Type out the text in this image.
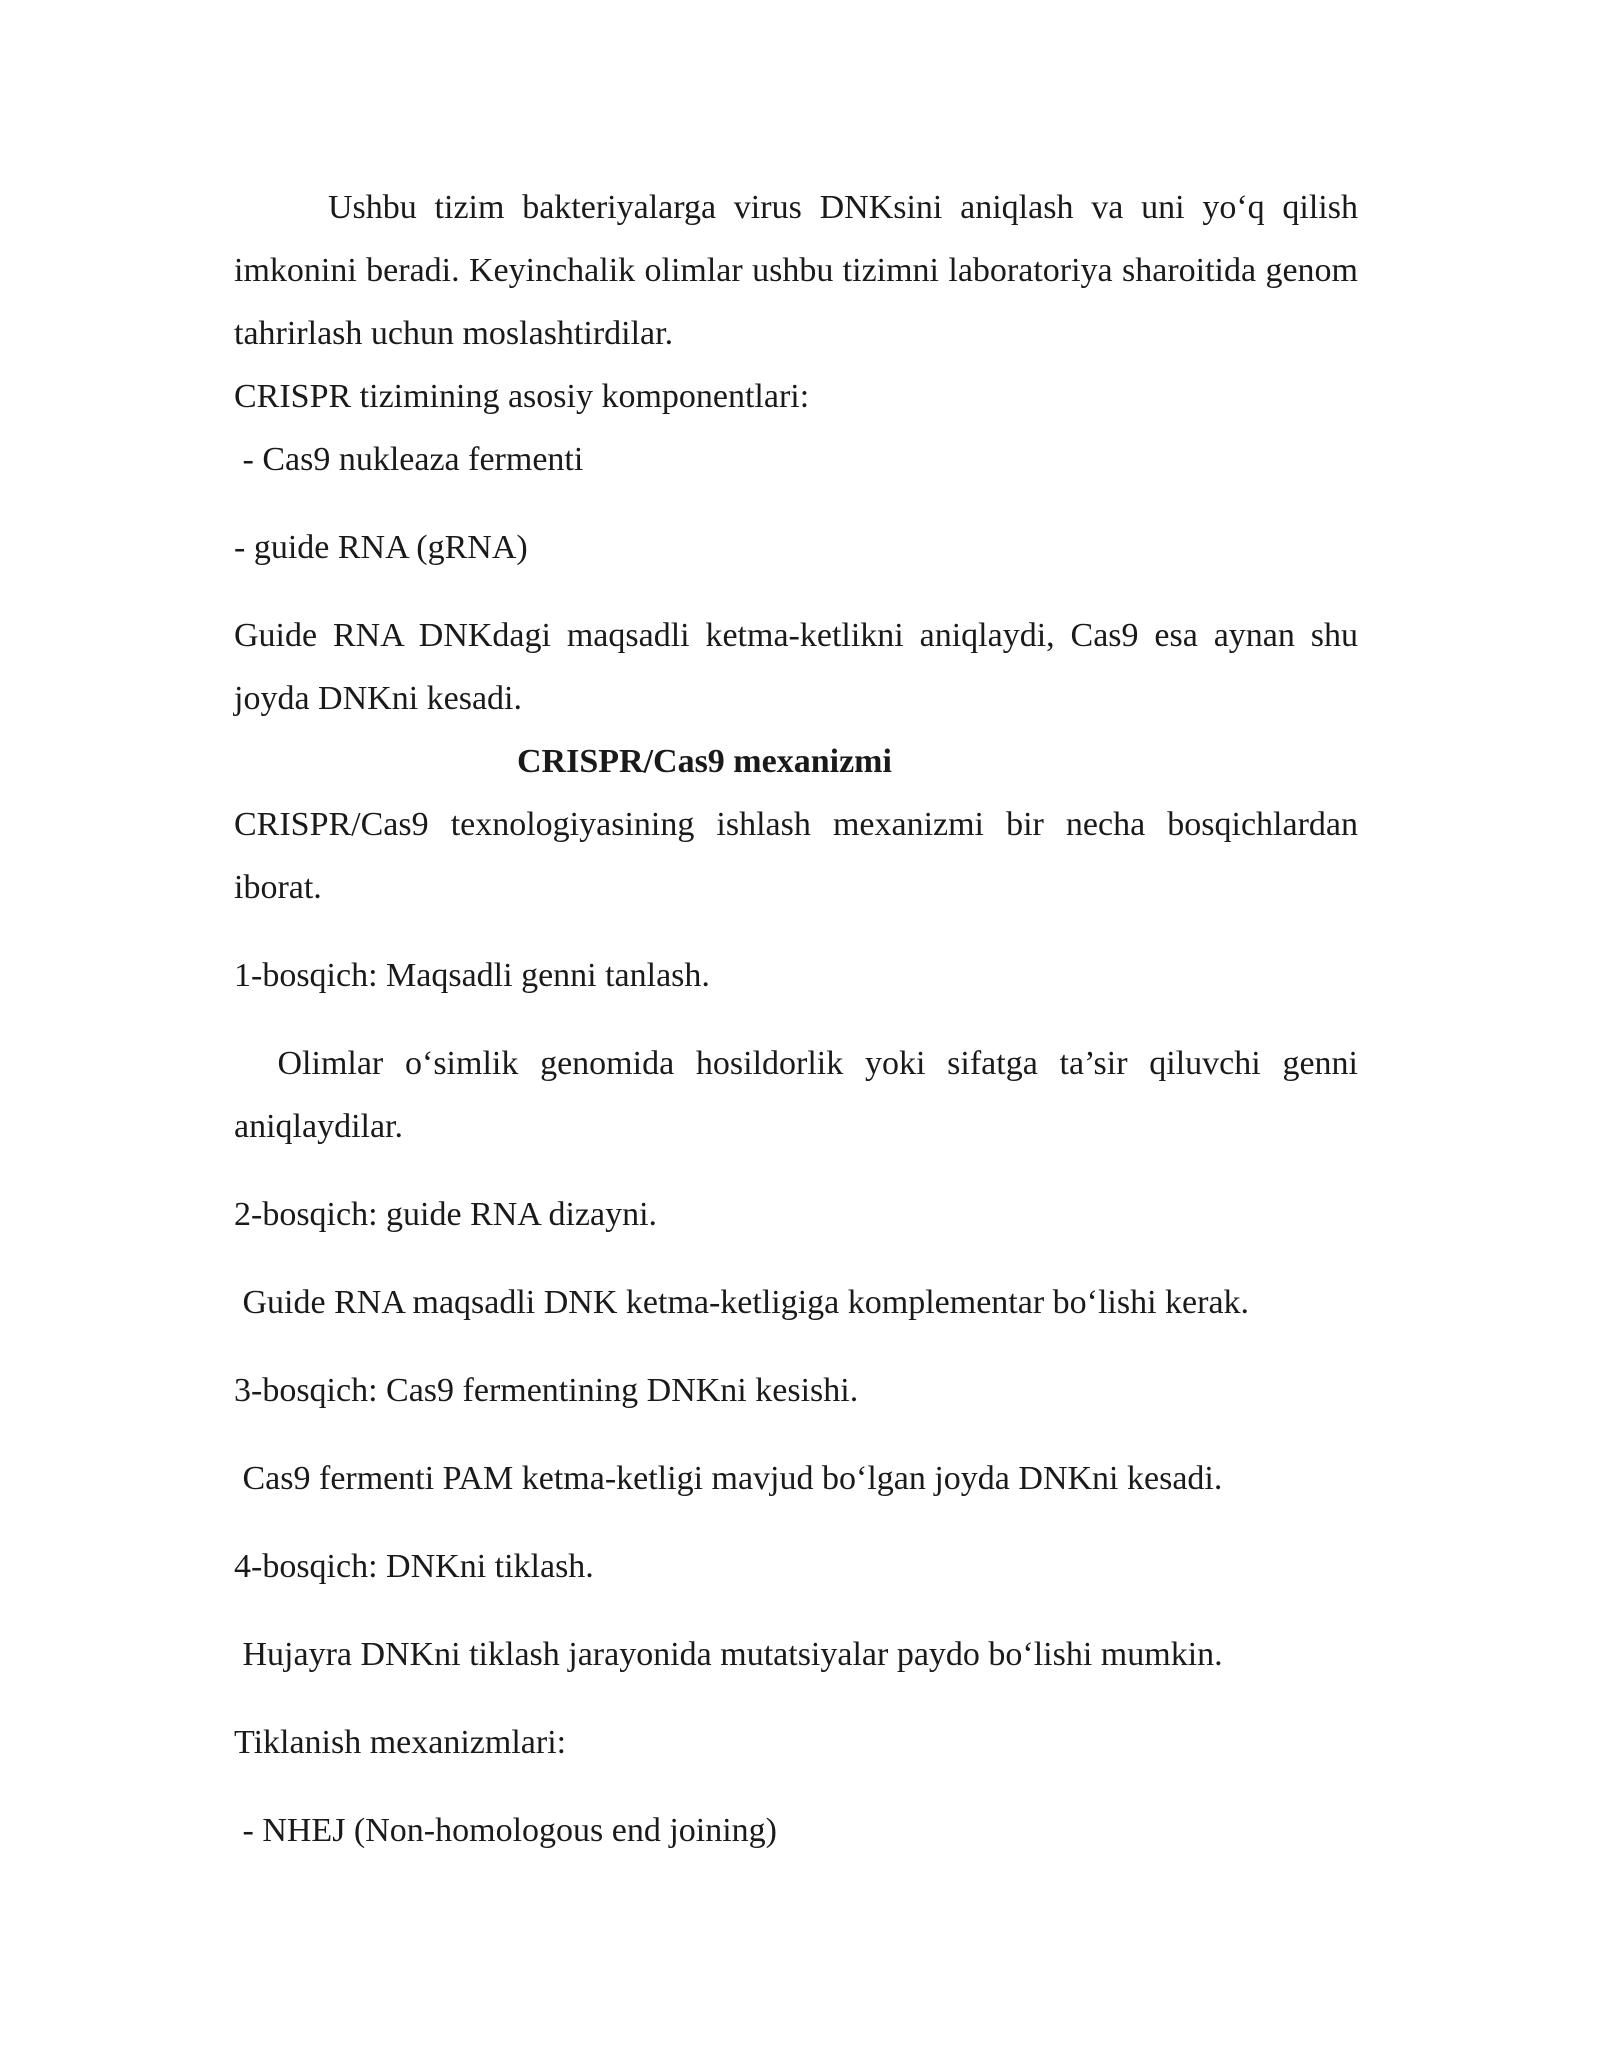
Ushbu tizim bakteriyalarga virus DNKsini aniqlash va uni yo‘q qilish imkonini beradi. Keyinchalik olimlar ushbu tizimni laboratoriya sharoitida genom tahrirlash uchun moslashtirdilar.

CRISPR tizimining asosiy komponentlari:

- Cas9 nukleaza fermenti

- guide RNA (gRNA)

Guide RNA DNKdagi maqsadli ketma-ketlikni aniqlaydi, Cas9 esa aynan shu joyda DNKni kesadi.

CRISPR/Cas9 mexanizmi

CRISPR/Cas9 texnologiyasining ishlash mexanizmi bir necha bosqichlardan iborat.

1-bosqich: Maqsadli genni tanlash.

Olimlar o‘simlik genomida hosildorlik yoki sifatga ta’sir qiluvchi genni aniqlaydilar.

2-bosqich: guide RNA dizayni.

Guide RNA maqsadli DNK ketma-ketligiga komplementar bo‘lishi kerak.

3-bosqich: Cas9 fermentining DNKni kesishi.

Cas9 fermenti PAM ketma-ketligi mavjud bo‘lgan joyda DNKni kesadi.

4-bosqich: DNKni tiklash.

Hujayra DNKni tiklash jarayonida mutatsiyalar paydo bo‘lishi mumkin.

Tiklanish mexanizmlari:

- NHEJ (Non-homologous end joining)
